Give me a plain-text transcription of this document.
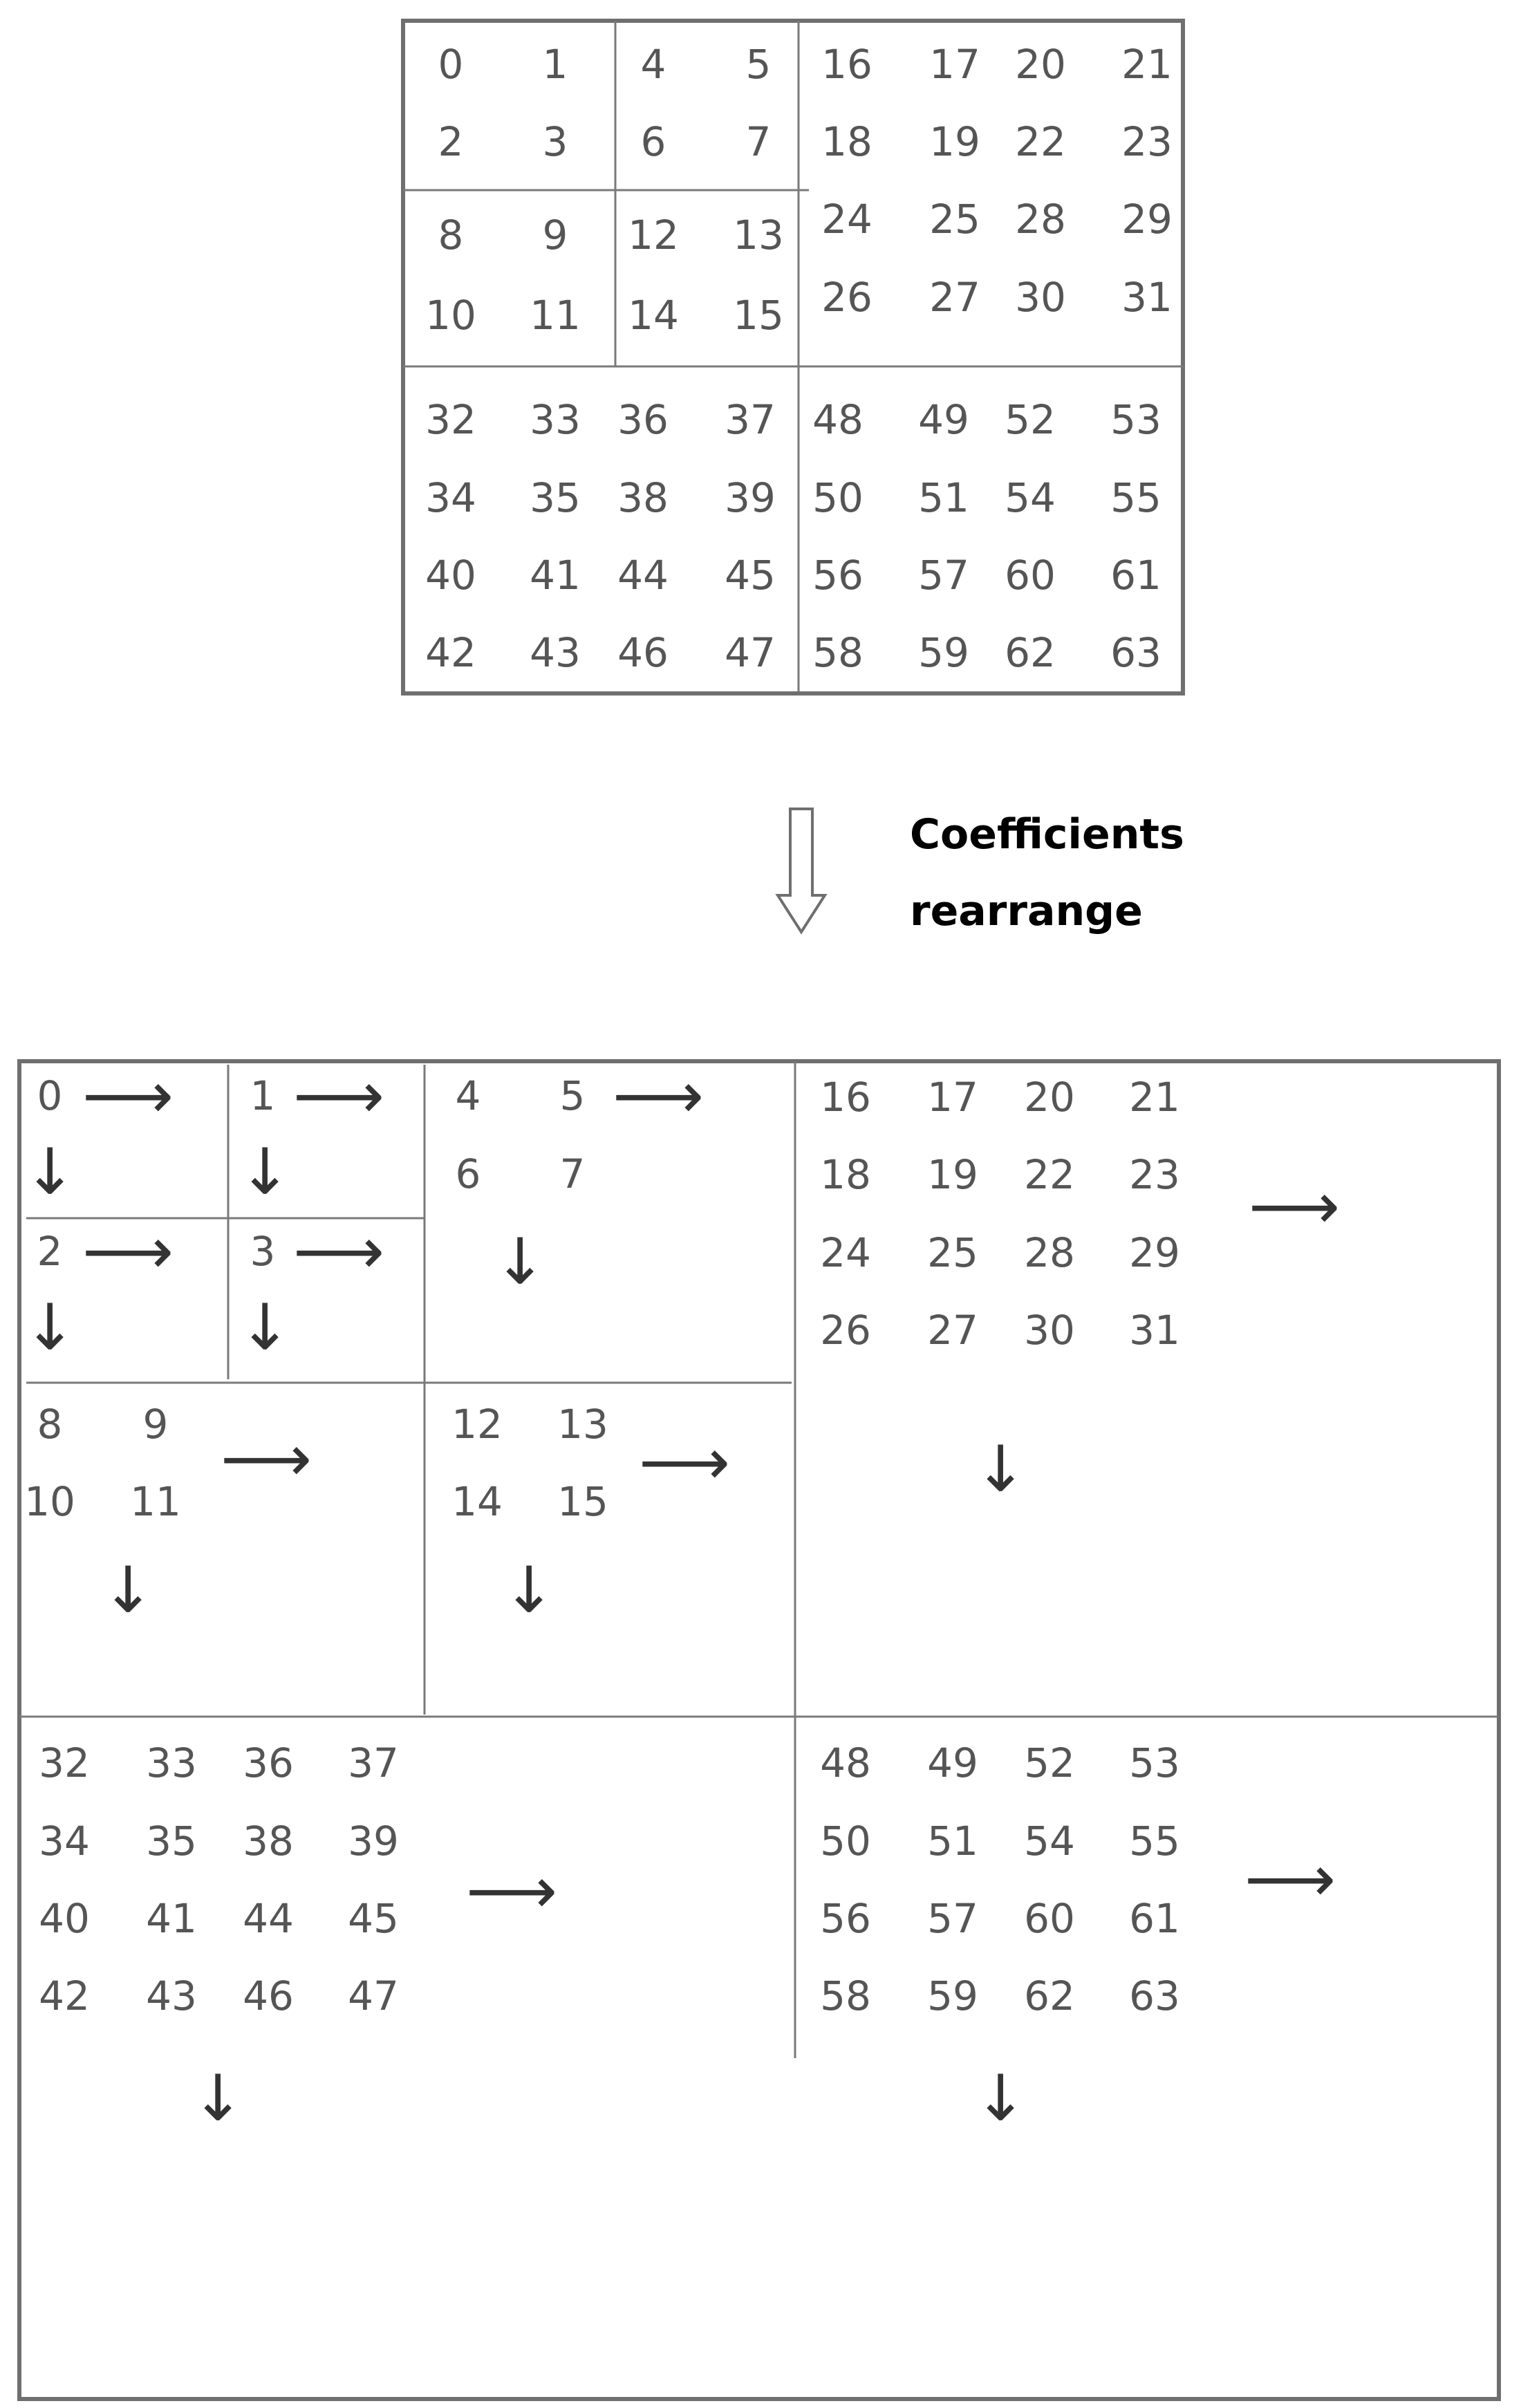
0 1 4 5 16 17 20 21
2 3 6 7 18 19 22 23
8 9 12 13 24 25 28 29
10 11 14 15 26 27 30 31
32 33 36 37 48 49 52 53
34 35 38 39 50 51 54 55
40 41 44 45 56 57 60 61
42 43 46 47 58 59 62 63
Coefficients
rearrange
0 ⟶
↓
1 ⟶
↓
2 ⟶
↓
3 ⟶
↓
4 5
6 7
⟶
↓
8 9
10 11
⟶
↓
12 13
14 15
⟶
↓
16 17 20 21
18 19 22 23
24 25 28 29
26 27 30 31
⟶
↓
32 33 36 37
34 35 38 39
40 41 44 45
42 43 46 47
⟶
↓
48 49 52 53
50 51 54 55
56 57 60 61
58 59 62 63
⟶
↓
